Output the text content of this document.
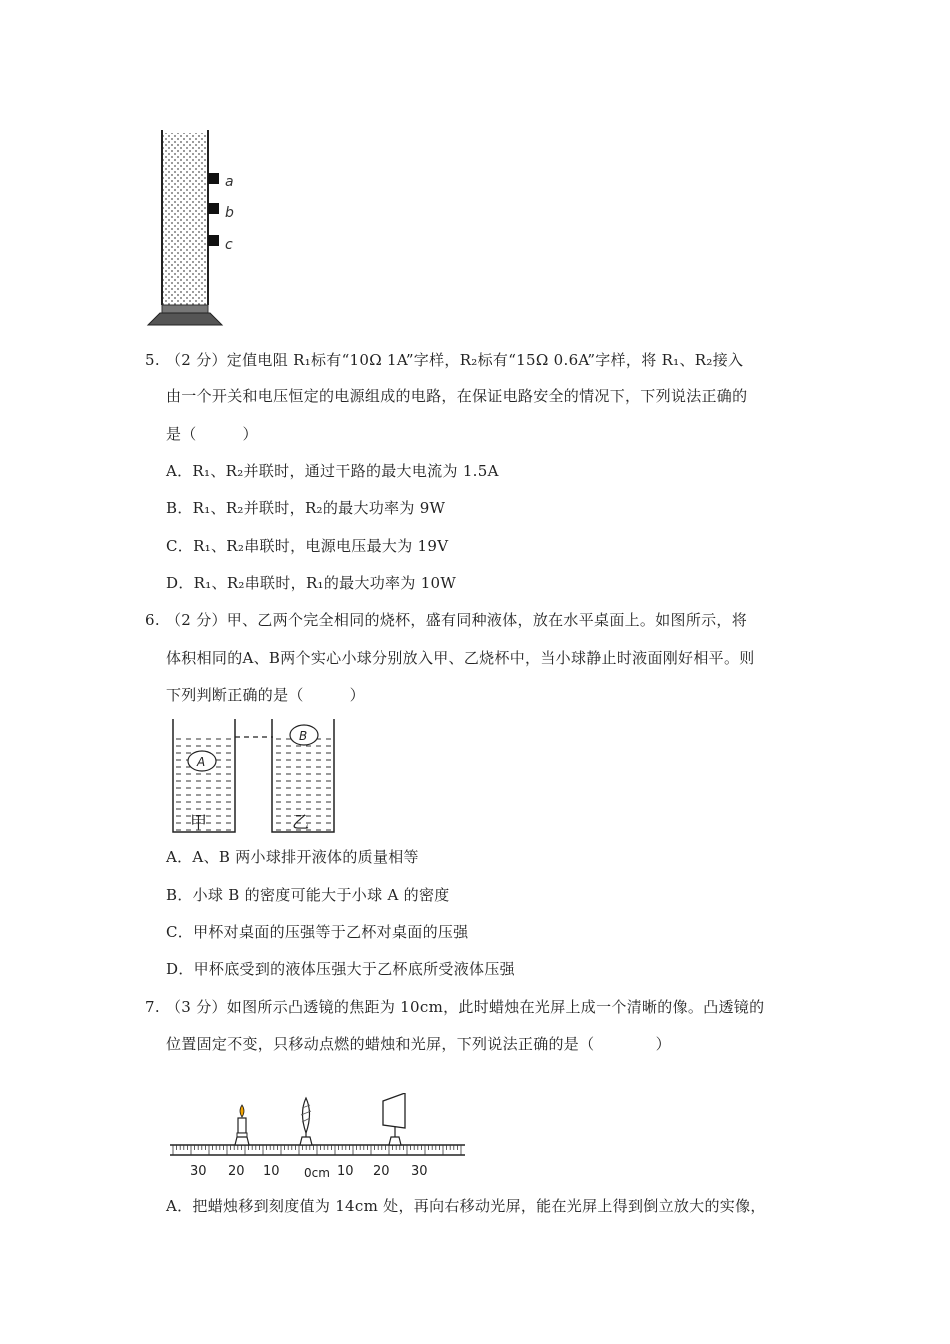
a
b
c
5. （2 分）定值电阻 R₁标有“10Ω 1A”字样，R₂标有“15Ω 0.6A”字样，将 R₁、R₂接入
由一个开关和电压恒定的电源组成的电路，在保证电路安全的情况下，下列说法正确的
是（　　　）
A．R₁、R₂并联时，通过干路的最大电流为 1.5A
B．R₁、R₂并联时，R₂的最大功率为 9W
C．R₁、R₂串联时，电源电压最大为 19V
D．R₁、R₂串联时，R₁的最大功率为 10W
6. （2 分）甲、乙两个完全相同的烧杯，盛有同种液体，放在水平桌面上。如图所示，将
体积相同的A、B两个实心小球分别放入甲、乙烧杯中，当小球静止时液面刚好相平。则
下列判断正确的是（　　　）
A
B
甲	乙
A．A、B 两小球排开液体的质量相等
B．小球 B 的密度可能大于小球 A 的密度
C．甲杯对桌面的压强等于乙杯对桌面的压强
D．甲杯底受到的液体压强大于乙杯底所受液体压强
7. （3 分）如图所示凸透镜的焦距为 10cm，此时蜡烛在光屏上成一个清晰的像。凸透镜的
位置固定不变，只移动点燃的蜡烛和光屏，下列说法正确的是（　　　　）
30 20 10 0cm 10 20 30
A．把蜡烛移到刻度值为 14cm 处，再向右移动光屏，能在光屏上得到倒立放大的实像，
